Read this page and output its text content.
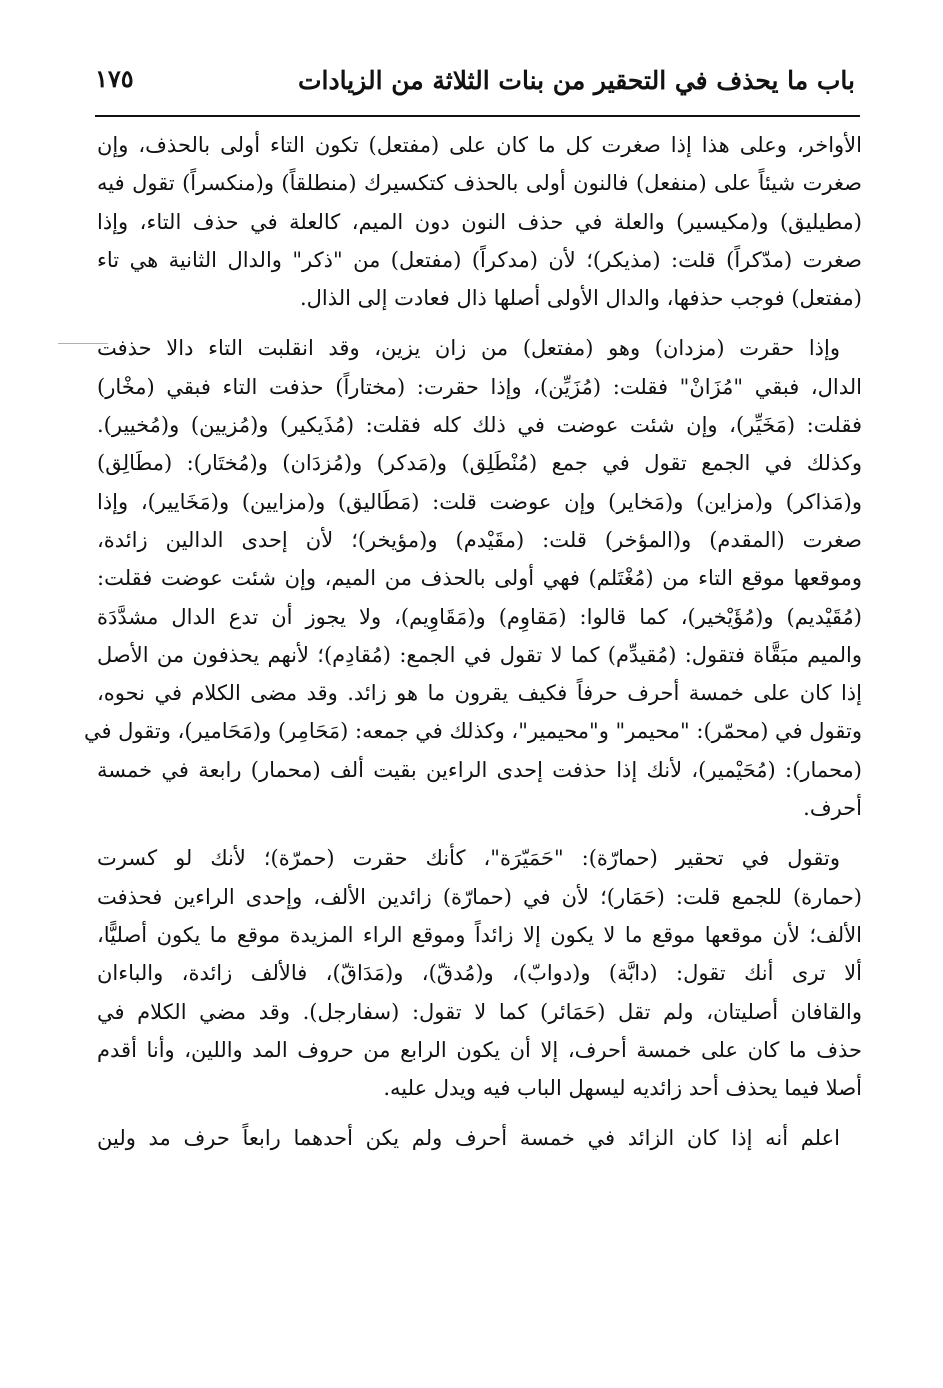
باب ما يحذف في التحقير من بنات الثلاثة من الزيادات
١٧٥

الأواخر، وعلى هذا إذا صغرت كل ما كان على (مفتعل) تكون التاء أولى بالحذف، وإن
صغرت شيئاً على (منفعل) فالنون أولى بالحذف كتكسيرك (منطلقاً) و(منكسراً) تقول فيه
(مطيليق) و(مكيسير) والعلة في حذف النون دون الميم، كالعلة في حذف التاء، وإذا
صغرت (مدّكراً) قلت: (مذيكر)؛ لأن (مدكراً) (مفتعل) من "ذكر" والدال الثانية هي تاء
(مفتعل) فوجب حذفها، والدال الأولى أصلها ذال فعادت إلى الذال.

وإذا حقرت (مزدان) وهو (مفتعل) من زان يزين، وقد انقلبت التاء دالا حذفت
الدال، فبقي "مُزَانْ" فقلت: (مُزَيِّن)، وإذا حقرت: (مختاراً) حذفت التاء فبقي (مخْار)
فقلت: (مَخَيِّر)، وإن شئت عوضت في ذلك كله فقلت: (مُذَيكير) و(مُزيين) و(مُخيير).
وكذلك في الجمع تقول في جمع (مُنْطَلِق) و(مَدكر) و(مُزدَان) و(مُختَار): (مطَالِق)
و(مَذاكر) و(مزاين) و(مَخاير) وإن عوضت قلت: (مَطَاليق) و(مزايين) و(مَخَايير)، وإذا
صغرت (المقدم) و(المؤخر) قلت: (مقَيْدم) و(مؤيخر)؛ لأن إحدى الدالين زائدة،
وموقعها موقع التاء من (مُغْتَلم) فهي أولى بالحذف من الميم، وإن شئت عوضت فقلت:
(مُقَيْديم) و(مُؤَيْخير)، كما قالوا: (مَقاوِم) و(مَقَاوِيم)، ولا يجوز أن تدع الدال مشدَّدَة
والميم مبَقَّاة فتقول: (مُقيدِّم) كما لا تقول في الجمع: (مُقادِم)؛ لأنهم يحذفون من الأصل
إذا كان على خمسة أحرف حرفاً فكيف يقرون ما هو زائد. وقد مضى الكلام في نحوه،
وتقول في (محمّر): "محيمر" و"محيمير"، وكذلك في جمعه: (مَحَامِر) و(مَحَامير)، وتقول في
(محمار): (مُحَيْمير)، لأنك إذا حذفت إحدى الراءين بقيت ألف (محمار) رابعة في خمسة
أحرف.

وتقول في تحقير (حمارّة): "حَمَيّرَة"، كأنك حقرت (حمرّة)؛ لأنك لو كسرت
(حمارة) للجمع قلت: (حَمَار)؛ لأن في (حمارّة) زائدين الألف، وإحدى الراءين فحذفت
الألف؛ لأن موقعها موقع ما لا يكون إلا زائداً وموقع الراء المزيدة موقع ما يكون أصليًّا،
ألا ترى أنك تقول: (دابَّة) و(دوابّ)، و(مُدقّ)، و(مَدَاقّ)، فالألف زائدة، والباءان
والقافان أصليتان، ولم تقل (حَمَائر) كما لا تقول: (سفارجل). وقد مضي الكلام في
حذف ما كان على خمسة أحرف، إلا أن يكون الرابع من حروف المد واللين، وأنا أقدم
أصلا فيما يحذف أحد زائديه ليسهل الباب فيه ويدل عليه.

اعلم أنه إذا كان الزائد في خمسة أحرف ولم يكن أحدهما رابعاً حرف مد ولين
